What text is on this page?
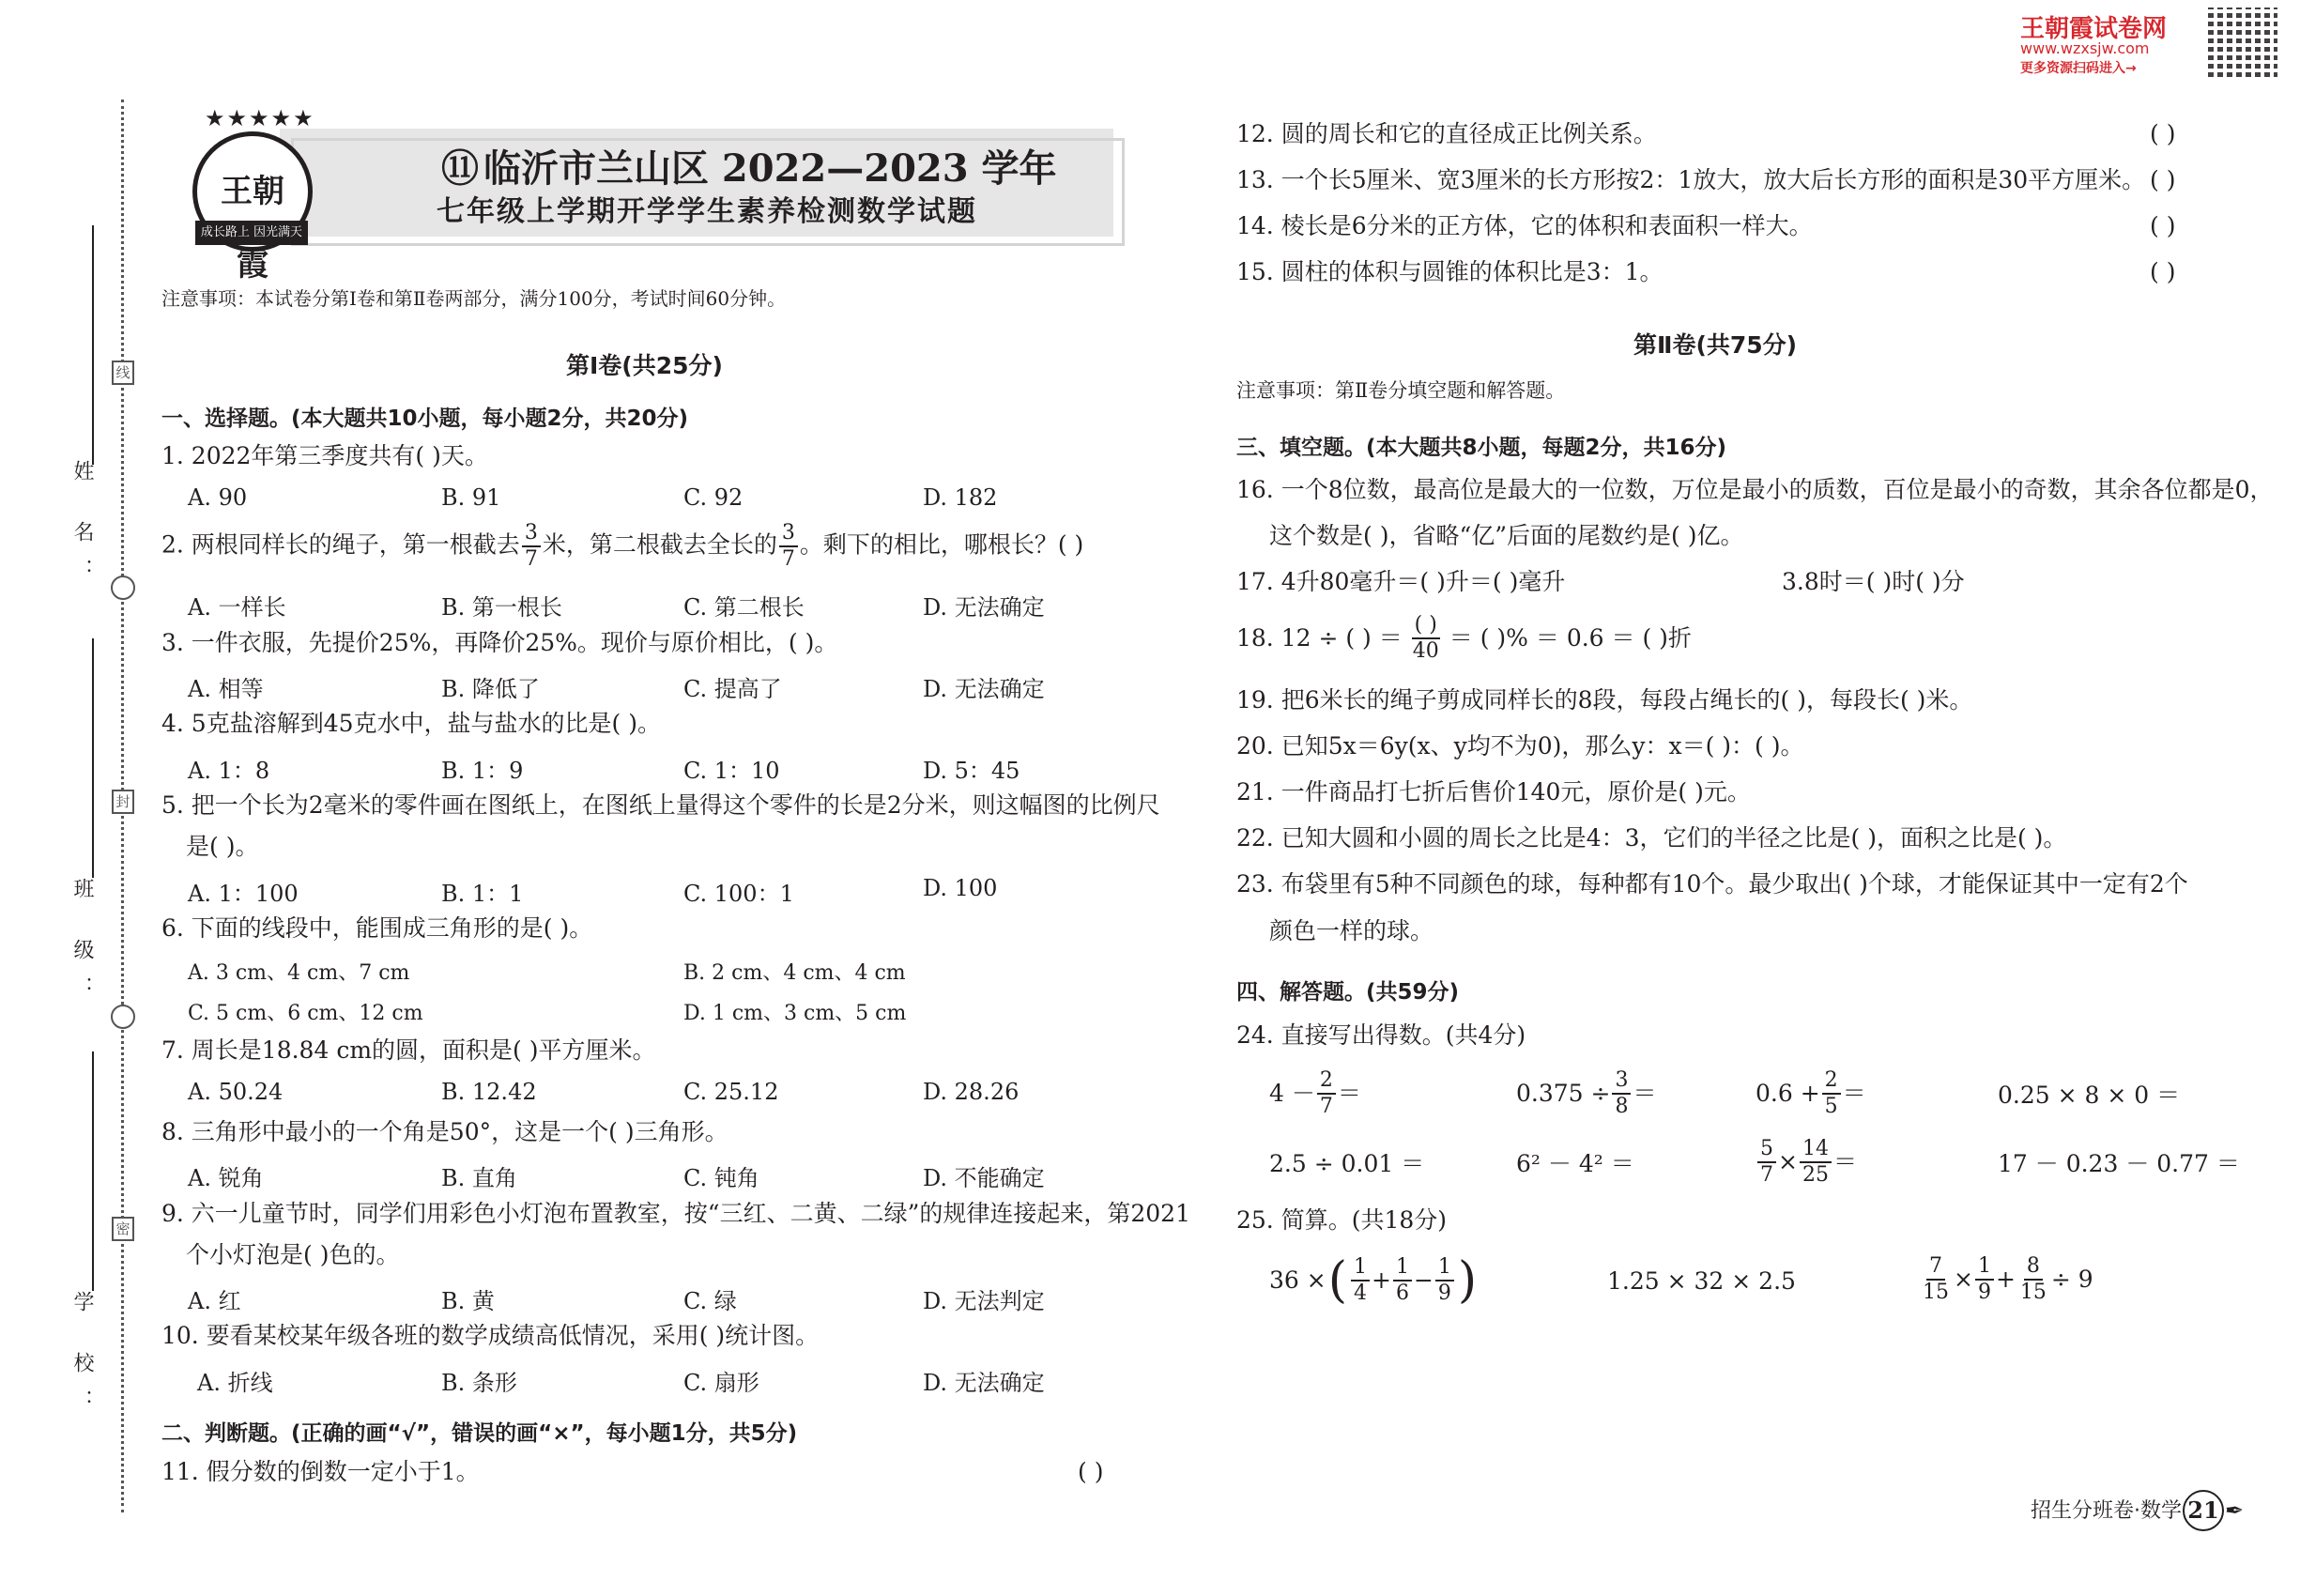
王朝霞试卷网
www.wzxsjw.com
更多资源扫码进入→
姓 名：
班 级：
学 校：
线
封
密
★★★★★
王朝霞
成长路上 因光满天
⑪ 临沂市兰山区 2022—2023 学年
七年级上学期开学学生素养检测数学试题
注意事项：本试卷分第Ⅰ卷和第Ⅱ卷两部分，满分100分，考试时间60分钟。
第Ⅰ卷(共25分)
一、选择题。(本大题共10小题，每小题2分，共20分)
1. 2022年第三季度共有( )天。
A. 90	B. 91	C. 92	D. 182
2. 两根同样长的绳子，第一根截去 $\frac{3}{7}$ 米，第二根截去全长的 $\frac{3}{7}$ 。剩下的相比，哪根长？( )
A. 一样长	B. 第一根长	C. 第二根长	D. 无法确定
3. 一件衣服，先提价25%，再降价25%。现价与原价相比，( )。
A. 相等	B. 降低了	C. 提高了	D. 无法确定
4. 5克盐溶解到45克水中，盐与盐水的比是( )。
A. 1：8	B. 1：9	C. 1：10	D. 5：45
5. 把一个长为2毫米的零件画在图纸上，在图纸上量得这个零件的长是2分米，则这幅图的比例尺
是( )。
A. 1：100	B. 1：1	C. 100：1	D. 100
6. 下面的线段中，能围成三角形的是( )。
A. 3 cm、4 cm、7 cm	B. 2 cm、4 cm、4 cm
C. 5 cm、6 cm、12 cm	D. 1 cm、3 cm、5 cm
7. 周长是18.84 cm的圆，面积是( )平方厘米。
A. 50.24	B. 12.42	C. 25.12	D. 28.26
8. 三角形中最小的一个角是50°，这是一个( )三角形。
A. 锐角	B. 直角	C. 钝角	D. 不能确定
9. 六一儿童节时，同学们用彩色小灯泡布置教室，按“三红、二黄、二绿”的规律连接起来，第2021
个小灯泡是( )色的。
A. 红	B. 黄	C. 绿	D. 无法判定
10. 要看某校某年级各班的数学成绩高低情况，采用( )统计图。
A. 折线	B. 条形	C. 扇形	D. 无法确定
二、判断题。(正确的画“√”，错误的画“×”，每小题1分，共5分)
11. 假分数的倒数一定小于1。	( )
12. 圆的周长和它的直径成正比例关系。	( )
13. 一个长5厘米、宽3厘米的长方形按2：1放大，放大后长方形的面积是30平方厘米。 ( )
14. 棱长是6分米的正方体，它的体积和表面积一样大。	( )
15. 圆柱的体积与圆锥的体积比是3：1。	( )
第Ⅱ卷(共75分)
注意事项：第Ⅱ卷分填空题和解答题。
三、填空题。(本大题共8小题，每题2分，共16分)
16. 一个8位数，最高位是最大的一位数，万位是最小的质数，百位是最小的奇数，其余各位都是0，
这个数是( )，省略“亿”后面的尾数约是( )亿。
17. 4升80毫升＝( )升＝( )毫升	3.8时＝( )时( )分
18. 12 ÷ ( ) ＝ $\frac{( )}{40}$ ＝ ( )% ＝ 0.6 ＝ ( )折
19. 把6米长的绳子剪成同样长的8段，每段占绳长的( )，每段长( )米。
20. 已知5x＝6y(x、y均不为0)，那么y：x＝( )：( )。
21. 一件商品打七折后售价140元，原价是( )元。
22. 已知大圆和小圆的周长之比是4：3，它们的半径之比是( )，面积之比是( )。
23. 布袋里有5种不同颜色的球，每种都有10个。最少取出( )个球，才能保证其中一定有2个
颜色一样的球。
四、解答题。(共59分)
24. 直接写出得数。(共4分)
$4 - \frac{2}{7}$ ＝	$0.375 \div \frac{3}{8}$ ＝	$0.6 + \frac{2}{5}$ ＝	0.25 × 8 × 0 ＝
2.5 ÷ 0.01 ＝	6² － 4² ＝	$\frac{5}{7} \times \frac{14}{25}$ ＝	17 － 0.23 － 0.77 ＝
25. 简算。(共18分)
36 × ( $\frac{1}{4} + \frac{1}{6} - \frac{1}{9}$ )	1.25 × 32 × 2.5	$\frac{7}{15} \times \frac{1}{9} + \frac{8}{15} \div 9$
招生分班卷·数学 21 ✒
